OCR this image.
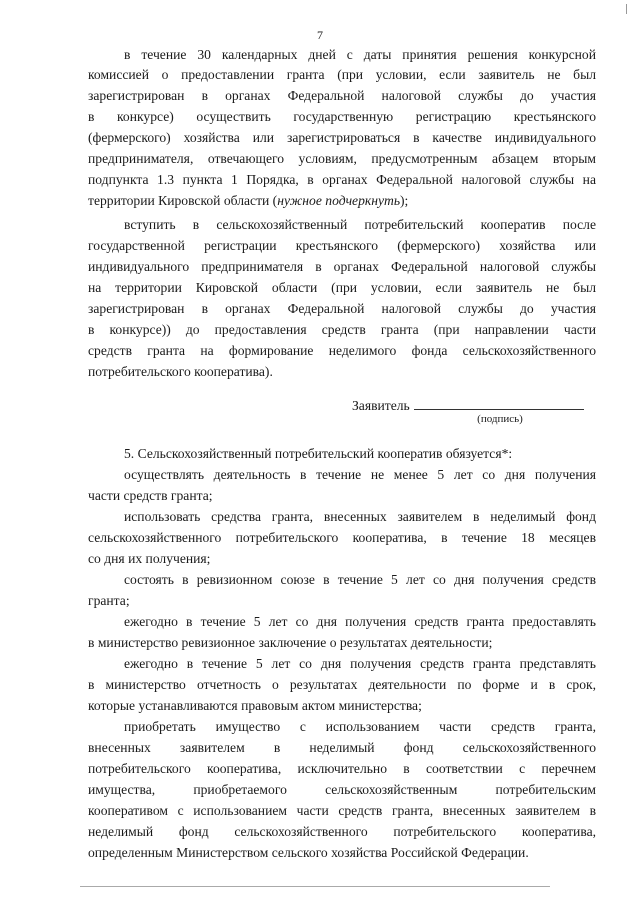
7
в течение 30 календарных дней с даты принятия решения конкурсной
комиссией о предоставлении гранта (при условии, если заявитель не был
зарегистрирован в органах Федеральной налоговой службы до участия
в конкурсе) осуществить государственную регистрацию крестьянского
(фермерского) хозяйства или зарегистрироваться в качестве индивидуального
предпринимателя, отвечающего условиям, предусмотренным абзацем вторым
подпункта 1.3 пункта 1 Порядка, в органах Федеральной налоговой службы на
территории Кировской области (нужное подчеркнуть);
вступить в сельскохозяйственный потребительский кооператив после
государственной регистрации крестьянского (фермерского) хозяйства или
индивидуального предпринимателя в органах Федеральной налоговой службы
на территории Кировской области (при условии, если заявитель не был
зарегистрирован в органах Федеральной налоговой службы до участия
в конкурсе)) до предоставления средств гранта (при направлении части
средств гранта на формирование неделимого фонда сельскохозяйственного
потребительского кооператива).
Заявитель
(подпись)
5. Сельскохозяйственный потребительский кооператив обязуется*:
осуществлять деятельность в течение не менее 5 лет со дня получения
части средств гранта;
использовать средства гранта, внесенных заявителем в неделимый фонд
сельскохозяйственного потребительского кооператива, в течение 18 месяцев
со дня их получения;
состоять в ревизионном союзе в течение 5 лет со дня получения средств
гранта;
ежегодно в течение 5 лет со дня получения средств гранта предоставлять
в министерство ревизионное заключение о результатах деятельности;
ежегодно в течение 5 лет со дня получения средств гранта представлять
в министерство отчетность о результатах деятельности по форме и в срок,
которые устанавливаются правовым актом министерства;
приобретать имущество с использованием части средств гранта,
внесенных заявителем в неделимый фонд сельскохозяйственного
потребительского кооператива, исключительно в соответствии с перечнем
имущества, приобретаемого сельскохозяйственным потребительским
кооперативом с использованием части средств гранта, внесенных заявителем в
неделимый фонд сельскохозяйственного потребительского кооператива,
определенным Министерством сельского хозяйства Российской Федерации.
